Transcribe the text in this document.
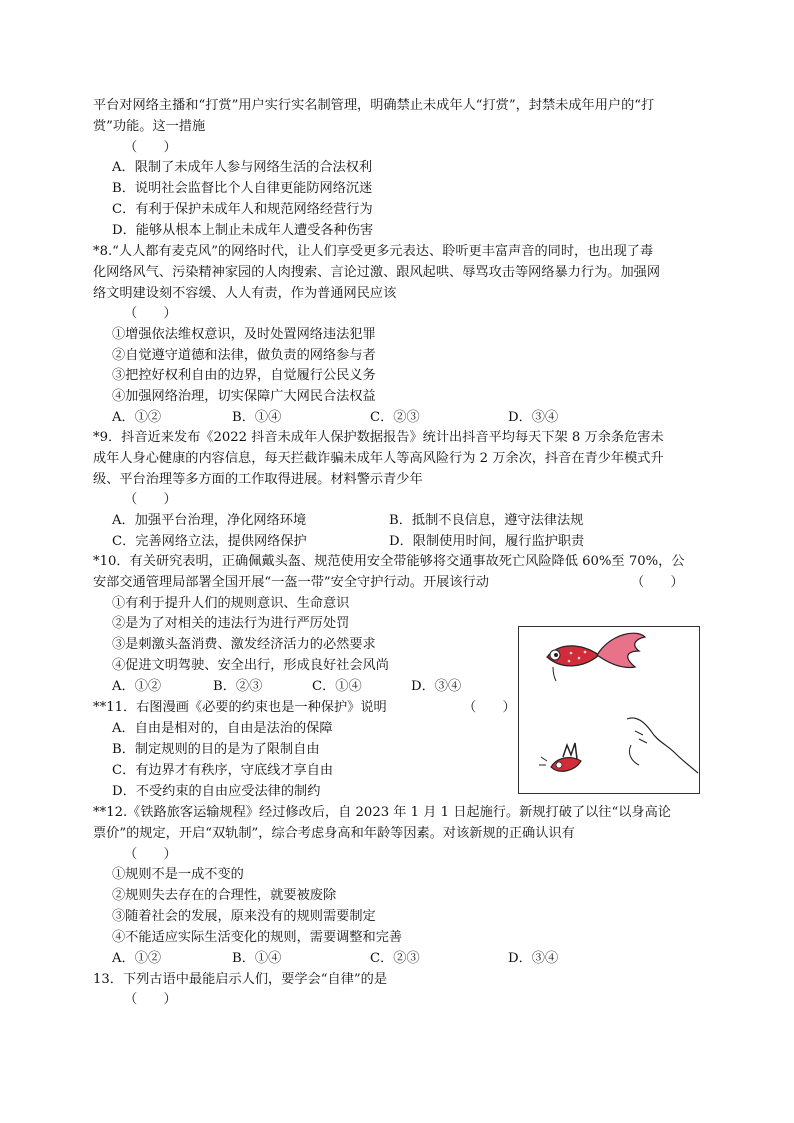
平台对网络主播和“打赏”用户实行实名制管理，明确禁止未成年人“打赏”，封禁未成年用户的“打
赏”功能。这一措施
（　　）
A．限制了未成年人参与网络生活的合法权利
B．说明社会监督比个人自律更能防网络沉迷
C．有利于保护未成年人和规范网络经营行为
D．能够从根本上制止未成年人遭受各种伤害
*8.“人人都有麦克风”的网络时代，让人们享受更多元表达、聆听更丰富声音的同时，也出现了毒
化网络风气、污染精神家园的人肉搜索、言论过激、跟风起哄、辱骂攻击等网络暴力行为。加强网
络文明建设刻不容缓、人人有责，作为普通网民应该
（　　）
①增强依法维权意识，及时处置网络违法犯罪
②自觉遵守道德和法律，做负责的网络参与者
③把控好权利自由的边界，自觉履行公民义务
④加强网络治理，切实保障广大网民合法权益
A．①②	B．①④	C．②③	D．③④
*9．抖音近来发布《2022 抖音未成年人保护数据报告》统计出抖音平均每天下架 8 万余条危害未
成年人身心健康的内容信息，每天拦截诈骗未成年人等高风险行为 2 万余次，抖音在青少年模式升
级、平台治理等多方面的工作取得进展。材料警示青少年
（　　）
A．加强平台治理，净化网络环境	B．抵制不良信息，遵守法律法规
C．完善网络立法，提供网络保护	D．限制使用时间，履行监护职责
*10．有关研究表明，正确佩戴头盔、规范使用安全带能够将交通事故死亡风险降低 60%至 70%，公
安部交通管理局部署全国开展“一盔一带”安全守护行动。开展该行动	（　　）
①有利于提升人们的规则意识、生命意识
②是为了对相关的违法行为进行严厉处罚
③是刺激头盔消费、激发经济活力的必然要求
④促进文明驾驶、安全出行，形成良好社会风尚
A．①②	B．②③	C．①④	D．③④
**11．右图漫画《必要的约束也是一种保护》说明	（　　）
A．自由是相对的，自由是法治的保障
B．制定规则的目的是为了限制自由
C．有边界才有秩序，守底线才享自由
D．不受约束的自由应受法律的制约
**12.《铁路旅客运输规程》经过修改后，自 2023 年 1 月 1 日起施行。新规打破了以往“以身高论
票价”的规定，开启“双轨制”，综合考虑身高和年龄等因素。对该新规的正确认识有
（　　）
①规则不是一成不变的
②规则失去存在的合理性，就要被废除
③随着社会的发展，原来没有的规则需要制定
④不能适应实际生活变化的规则，需要调整和完善
A．①②	B．①④	C．②③	D．③④
13．下列古语中最能启示人们，要学会“自律”的是
（　　）
